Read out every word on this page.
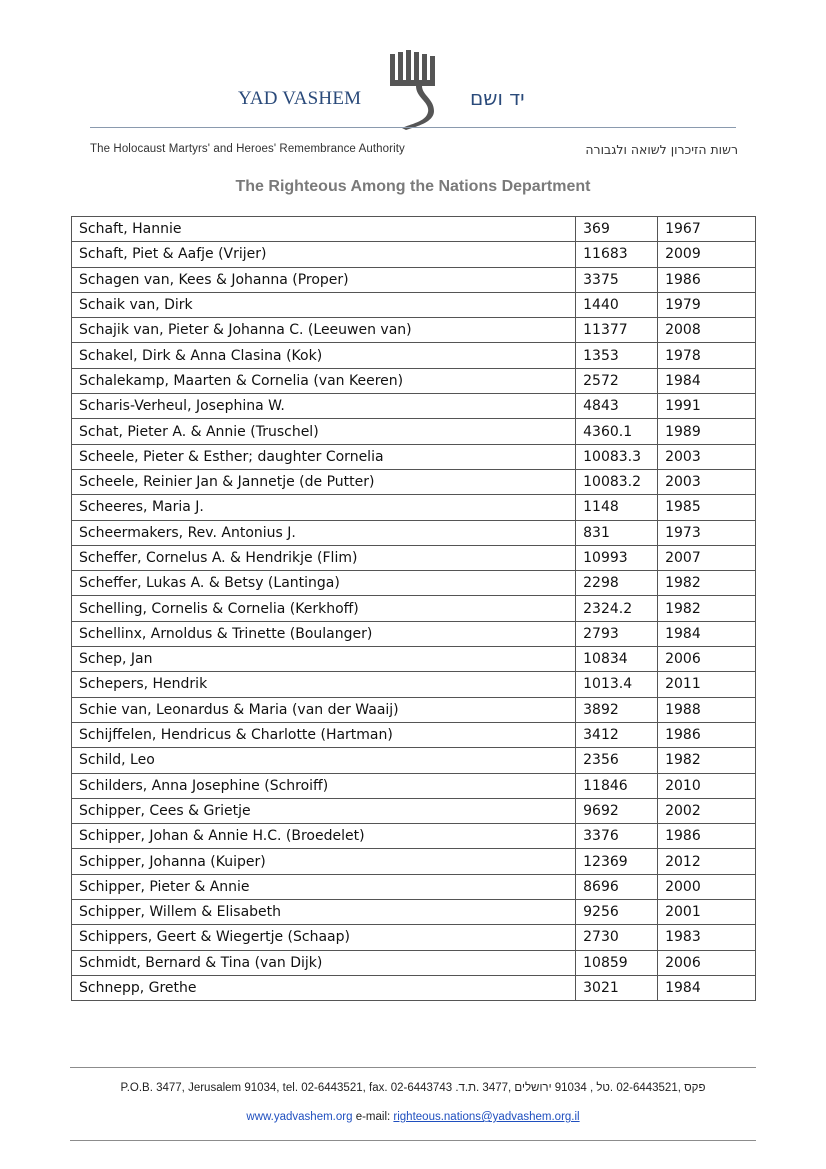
YAD VASHEM	יד ושם
The Holocaust Martyrs' and Heroes' Remembrance Authority	רשות הזיכרון לשואה ולגבורה
The Righteous Among the Nations Department
Schaft, Hannie	369	1967
Schaft, Piet & Aafje (Vrijer)	11683	2009
Schagen van, Kees & Johanna (Proper)	3375	1986
Schaik van, Dirk	1440	1979
Schajik van, Pieter & Johanna C. (Leeuwen van)	11377	2008
Schakel, Dirk & Anna Clasina (Kok)	1353	1978
Schalekamp, Maarten & Cornelia (van Keeren)	2572	1984
Scharis-Verheul, Josephina W.	4843	1991
Schat, Pieter A. & Annie (Truschel)	4360.1	1989
Scheele, Pieter & Esther; daughter Cornelia	10083.3	2003
Scheele, Reinier Jan & Jannetje (de Putter)	10083.2	2003
Scheeres, Maria J.	1148	1985
Scheermakers, Rev. Antonius J.	831	1973
Scheffer, Cornelus A. & Hendrikje (Flim)	10993	2007
Scheffer, Lukas A. & Betsy (Lantinga)	2298	1982
Schelling, Cornelis & Cornelia (Kerkhoff)	2324.2	1982
Schellinx, Arnoldus & Trinette (Boulanger)	2793	1984
Schep, Jan	10834	2006
Schepers, Hendrik	1013.4	2011
Schie van, Leonardus & Maria (van der Waaij)	3892	1988
Schijffelen, Hendricus & Charlotte (Hartman)	3412	1986
Schild, Leo	2356	1982
Schilders, Anna Josephine (Schroiff)	11846	2010
Schipper, Cees & Grietje	9692	2002
Schipper, Johan & Annie H.C. (Broedelet)	3376	1986
Schipper, Johanna (Kuiper)	12369	2012
Schipper, Pieter & Annie	8696	2000
Schipper, Willem & Elisabeth	9256	2001
Schippers, Geert & Wiegertje (Schaap)	2730	1983
Schmidt, Bernard & Tina (van Dijk)	10859	2006
Schnepp, Grethe	3021	1984
P.O.B. 3477, Jerusalem 91034, tel. 02-6443521, fax. 02-6443743 .פקס ,02-6443521 .טל , 91034 ירושלים ,3477 .ת.ד
www.yadvashem.org e-mail: righteous.nations@yadvashem.org.il
